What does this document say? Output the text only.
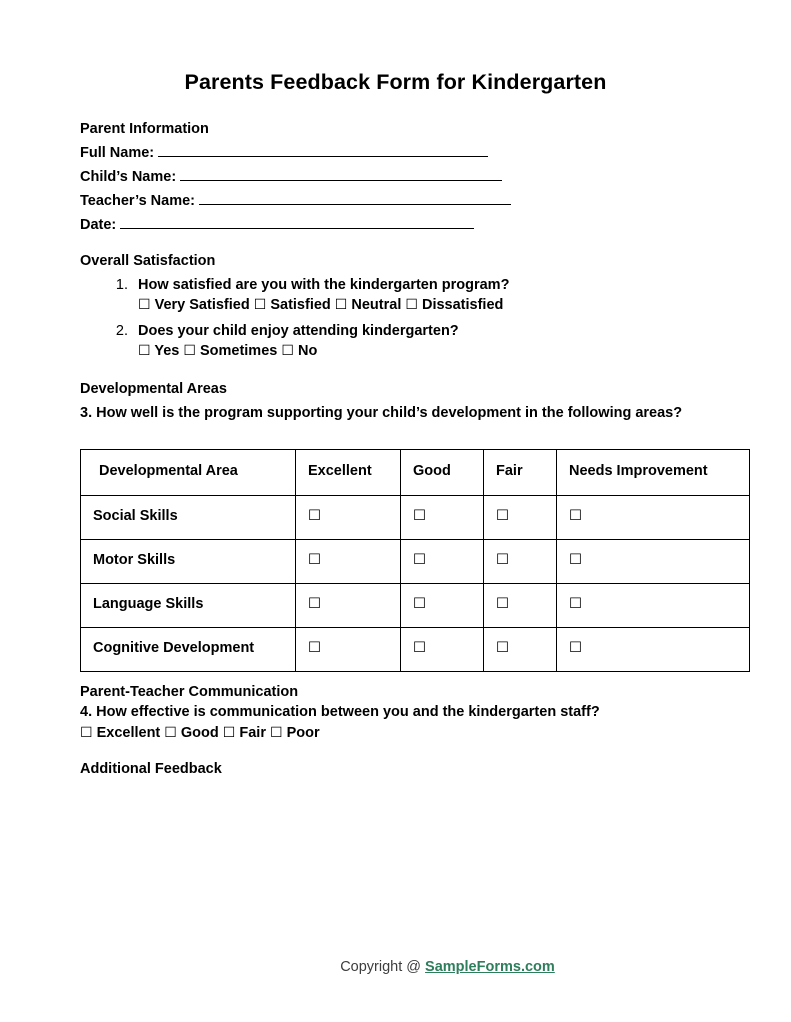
Parents Feedback Form for Kindergarten

Parent Information

Full Name:

Child’s Name:

Teacher’s Name:

Date:

Overall Satisfaction

1. How satisfied are you with the kindergarten program?
☐ Very Satisfied ☐ Satisfied ☐ Neutral ☐ Dissatisfied
2. Does your child enjoy attending kindergarten?
☐ Yes ☐ Sometimes ☐ No

Developmental Areas

3. How well is the program supporting your child’s development in the following areas?

Developmental Area	Excellent	Good	Fair	Needs Improvement
Social Skills	☐	☐	☐	☐
Motor Skills	☐	☐	☐	☐
Language Skills	☐	☐	☐	☐
Cognitive Development	☐	☐	☐	☐

Parent-Teacher Communication

4. How effective is communication between you and the kindergarten staff?

☐ Excellent ☐ Good ☐ Fair ☐ Poor

Additional Feedback

Copyright @ SampleForms.com
